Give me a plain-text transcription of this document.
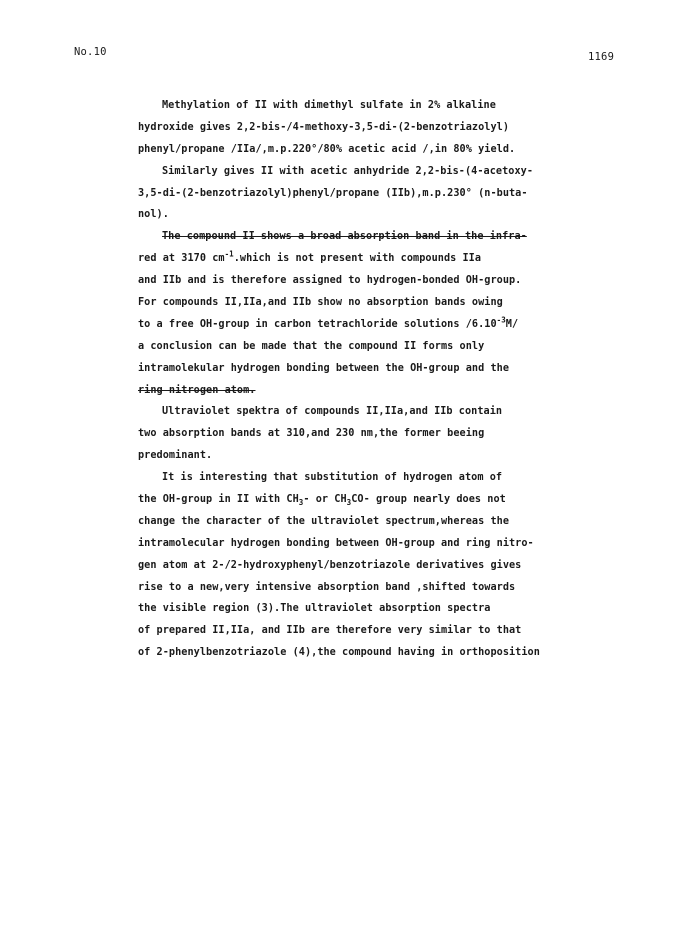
No.10	1169
Methylation of II with dimethyl sulfate in 2% alkaline
hydroxide gives 2,2-bis-/4-methoxy-3,5-di-(2-benzotriazolyl)
phenyl/propane /IIa/,m.p.220°/80% acetic acid /,in 80% yield.
Similarly gives II with acetic anhydride 2,2-bis-(4-acetoxy-
3,5-di-(2-benzotriazolyl)phenyl/propane (IIb),m.p.230° (n-buta-
nol).
The compound II shows a broad absorption band in the infra-
red at 3170 $cm^{-1}.which$ is not present with compounds IIa
and IIb and is therefore assigned to hydrogen-bonded OH-group.
For compounds II,IIa,and IIb show no absorption bands owing
to a free OH-group in carbon tetrachloride solutions $/6.10^{-3}M/$
a conclusion can be made that the compound II forms only
intramolekular hydrogen bonding between the OH-group and the
ring nitrogen atom.
Ultraviolet spektra of compounds II,IIa,and IIb contain
two absorption bands at 310,and 230 nm,the former beeing
predominant.
It is interesting that substitution of hydrogen atom of
the OH-group in II with $CH_3-$ or $CH_3CO-$ group nearly does not
change the character of the ultraviolet spectrum,whereas the
intramolecular hydrogen bonding between OH-group and ring nitro-
gen atom at 2-/2-hydroxyphenyl/benzotriazole derivatives gives
rise to a new,very intensive absorption band ,shifted towards
the visible region (3).The ultraviolet absorption spectra
of prepared II,IIa, and IIb are therefore very similar to that
of 2-phenylbenzotriazole (4),the compound having in orthoposition
